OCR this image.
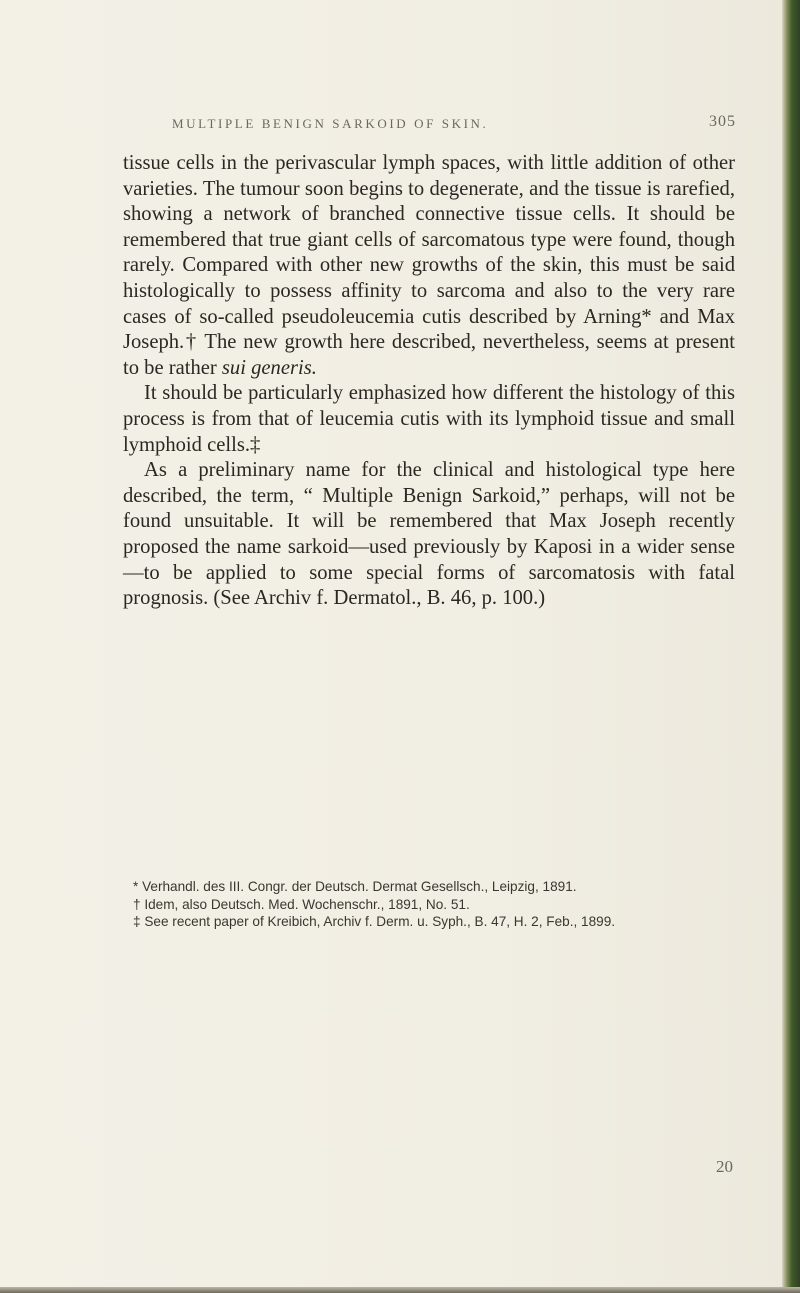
MULTIPLE BENIGN SARKOID OF SKIN.	305

tissue cells in the perivascular lymph spaces, with little addition of other varieties. The tumour soon begins to degenerate, and the tissue is rarefied, showing a network of branched connective tissue cells. It should be remembered that true giant cells of sarcomatous type were found, though rarely. Compared with other new growths of the skin, this must be said histologically to possess affinity to sarcoma and also to the very rare cases of so-called pseudoleucemia cutis described by Arning* and Max Joseph.† The new growth here described, nevertheless, seems at present to be rather sui generis.

It should be particularly emphasized how different the histology of this process is from that of leucemia cutis with its lymphoid tissue and small lymphoid cells.‡

As a preliminary name for the clinical and histological type here described, the term, “ Multiple Benign Sarkoid,” perhaps, will not be found unsuitable. It will be remembered that Max Joseph recently proposed the name sarkoid—used previously by Kaposi in a wider sense—to be applied to some special forms of sarcomatosis with fatal prognosis. (See Archiv f. Dermatol., B. 46, p. 100.)

* Verhandl. des III. Congr. der Deutsch. Dermat Gesellsch., Leipzig, 1891.

† Idem, also Deutsch. Med. Wochenschr., 1891, No. 51.

‡ See recent paper of Kreibich, Archiv f. Derm. u. Syph., B. 47, H. 2, Feb., 1899.

20
